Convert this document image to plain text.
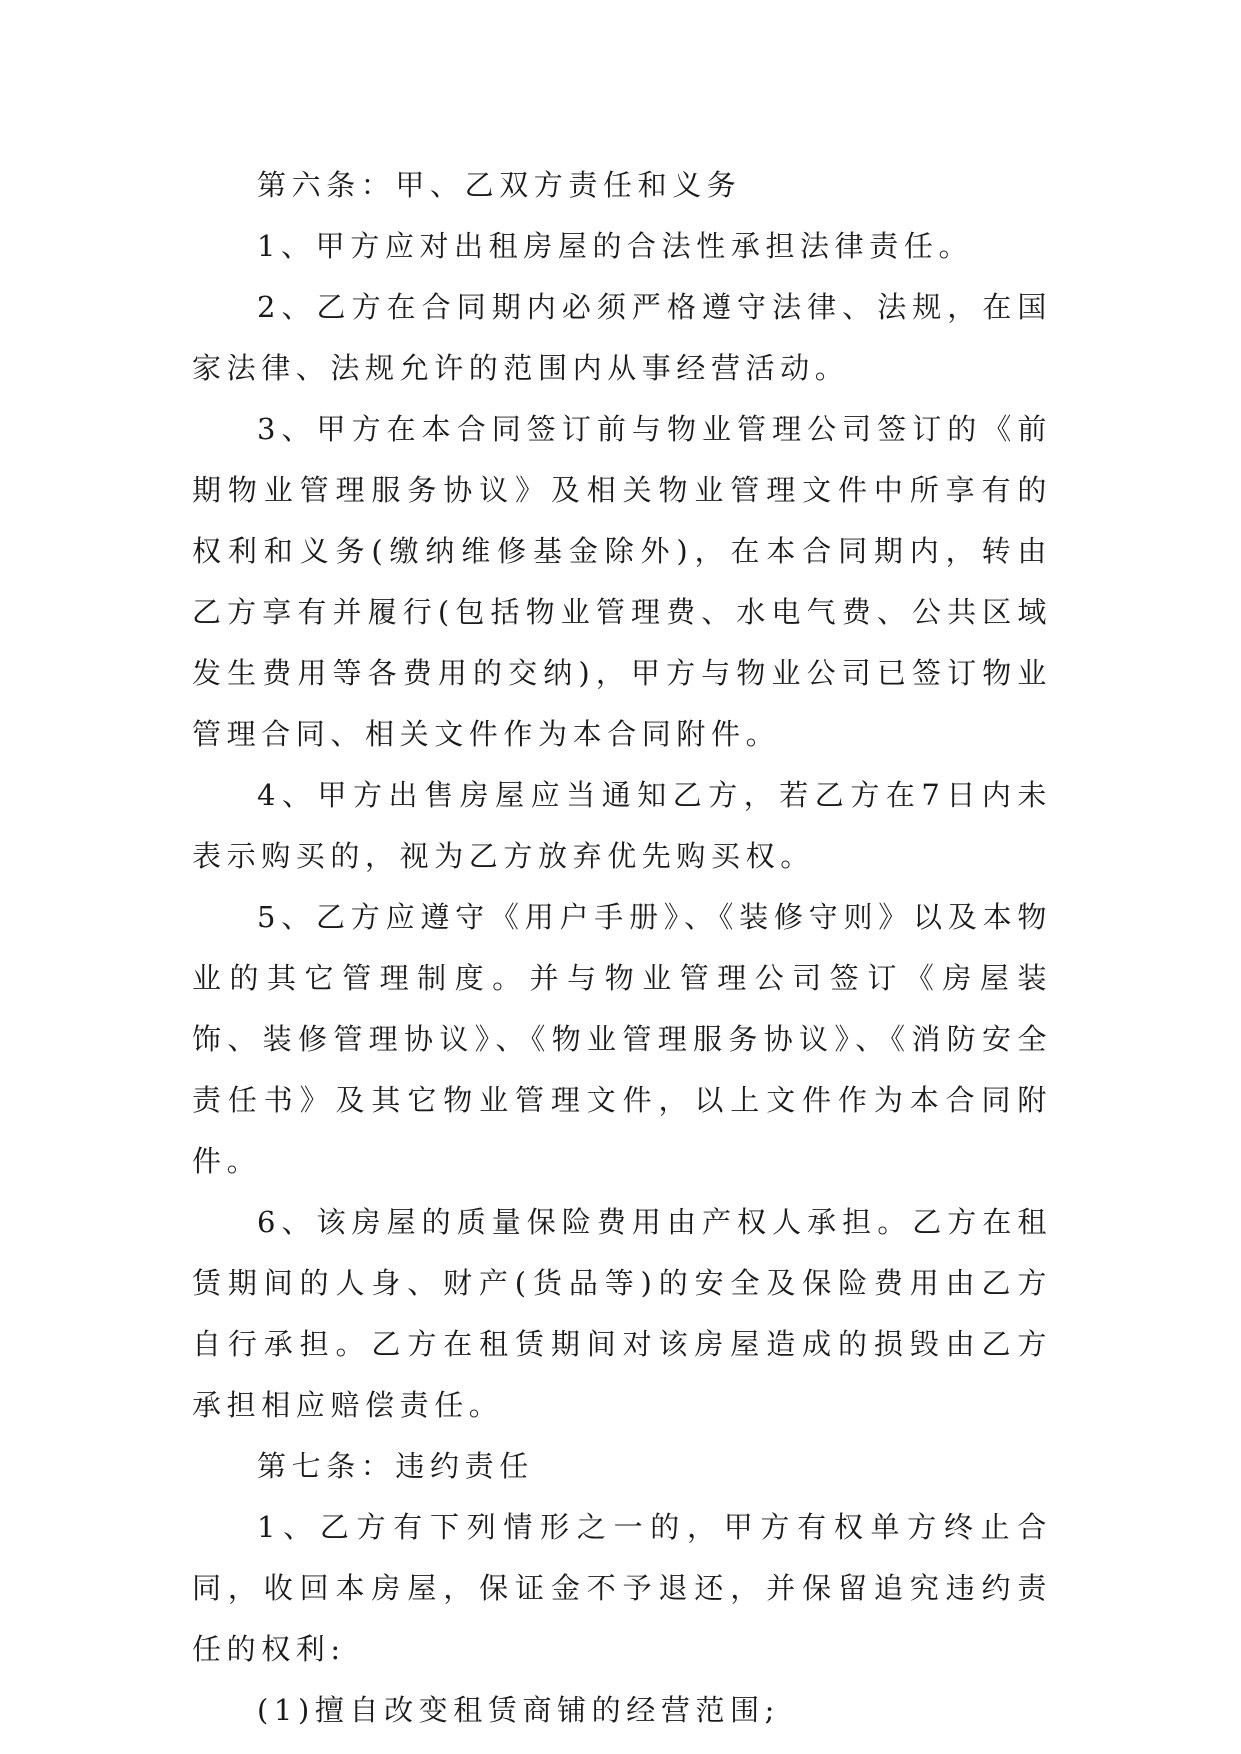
第六条：甲、乙双方责任和义务

1、甲方应对出租房屋的合法性承担法律责任。

2、乙方在合同期内必须严格遵守法律、法规，在国家法律、法规允许的范围内从事经营活动。

3、甲方在本合同签订前与物业管理公司签订的《前期物业管理服务协议》及相关物业管理文件中所享有的权利和义务(缴纳维修基金除外)，在本合同期内，转由乙方享有并履行(包括物业管理费、水电气费、公共区域发生费用等各费用的交纳)，甲方与物业公司已签订物业管理合同、相关文件作为本合同附件。

4、甲方出售房屋应当通知乙方，若乙方在7日内未表示购买的，视为乙方放弃优先购买权。

5、乙方应遵守《用户手册》、《装修守则》以及本物业的其它管理制度。并与物业管理公司签订《房屋装饰、装修管理协议》、《物业管理服务协议》、《消防安全责任书》及其它物业管理文件，以上文件作为本合同附件。

6、该房屋的质量保险费用由产权人承担。乙方在租赁期间的人身、财产(货品等)的安全及保险费用由乙方自行承担。乙方在租赁期间对该房屋造成的损毁由乙方承担相应赔偿责任。

第七条：违约责任

1、乙方有下列情形之一的，甲方有权单方终止合同，收回本房屋，保证金不予退还，并保留追究违约责任的权利:

(1)擅自改变租赁商铺的经营范围;
